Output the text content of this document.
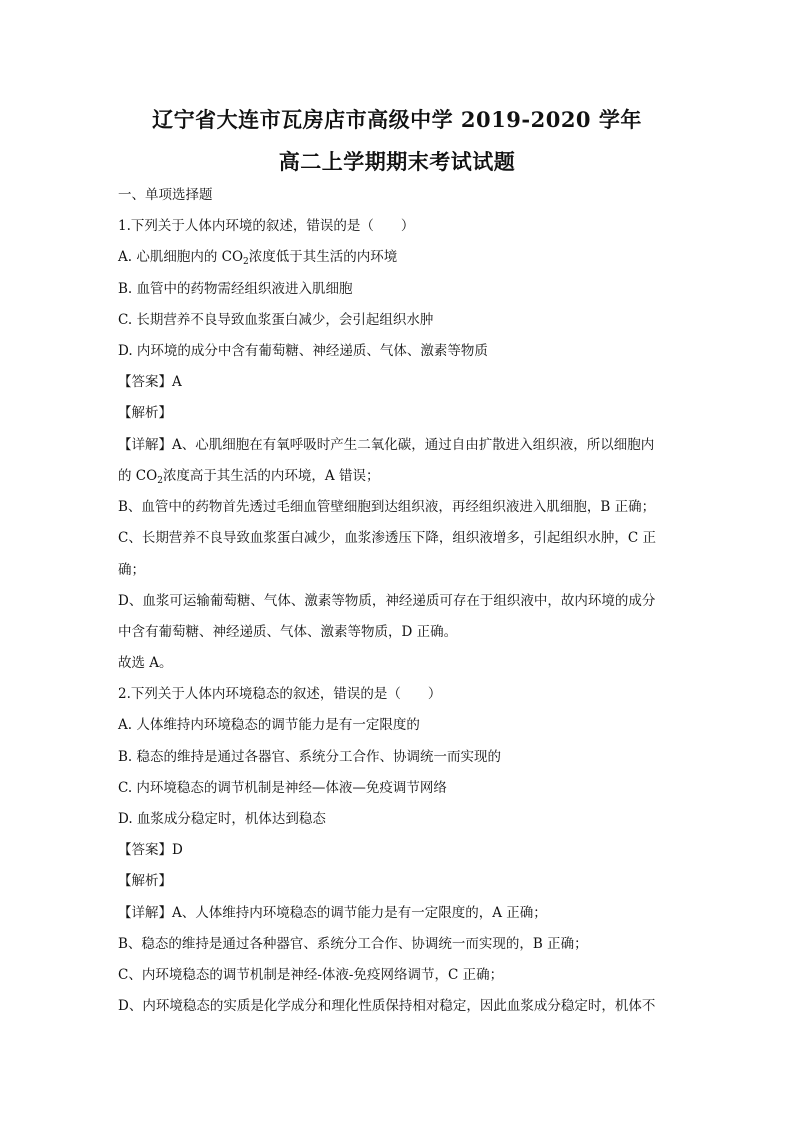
辽宁省大连市瓦房店市高级中学 2019-2020 学年
高二上学期期末考试试题
一、单项选择题
1.下列关于人体内环境的叙述，错误的是（　　）
A. 心肌细胞内的 $CO_2$浓度低于其生活的内环境
B. 血管中的药物需经组织液进入肌细胞
C. 长期营养不良导致血浆蛋白减少，会引起组织水肿
D. 内环境的成分中含有葡萄糖、神经递质、气体、激素等物质
【答案】A
【解析】
【详解】A、心肌细胞在有氧呼吸时产生二氧化碳，通过自由扩散进入组织液，所以细胞内
的 $CO_2$浓度高于其生活的内环境，A 错误；
B、血管中的药物首先透过毛细血管壁细胞到达组织液，再经组织液进入肌细胞，B 正确；
C、长期营养不良导致血浆蛋白减少，血浆渗透压下降，组织液增多，引起组织水肿，C 正
确；
D、血浆可运输葡萄糖、气体、激素等物质，神经递质可存在于组织液中，故内环境的成分
中含有葡萄糖、神经递质、气体、激素等物质，D 正确。
故选 A。
2.下列关于人体内环境稳态的叙述，错误的是（　　）
A. 人体维持内环境稳态的调节能力是有一定限度的
B. 稳态的维持是通过各器官、系统分工合作、协调统一而实现的
C. 内环境稳态的调节机制是神经—体液—免疫调节网络
D. 血浆成分稳定时，机体达到稳态
【答案】D
【解析】
【详解】A、人体维持内环境稳态的调节能力是有一定限度的，A 正确；
B、稳态的维持是通过各种器官、系统分工合作、协调统一而实现的，B 正确；
C、内环境稳态的调节机制是神经-体液-免疫网络调节，C 正确；
D、内环境稳态的实质是化学成分和理化性质保持相对稳定，因此血浆成分稳定时，机体不
